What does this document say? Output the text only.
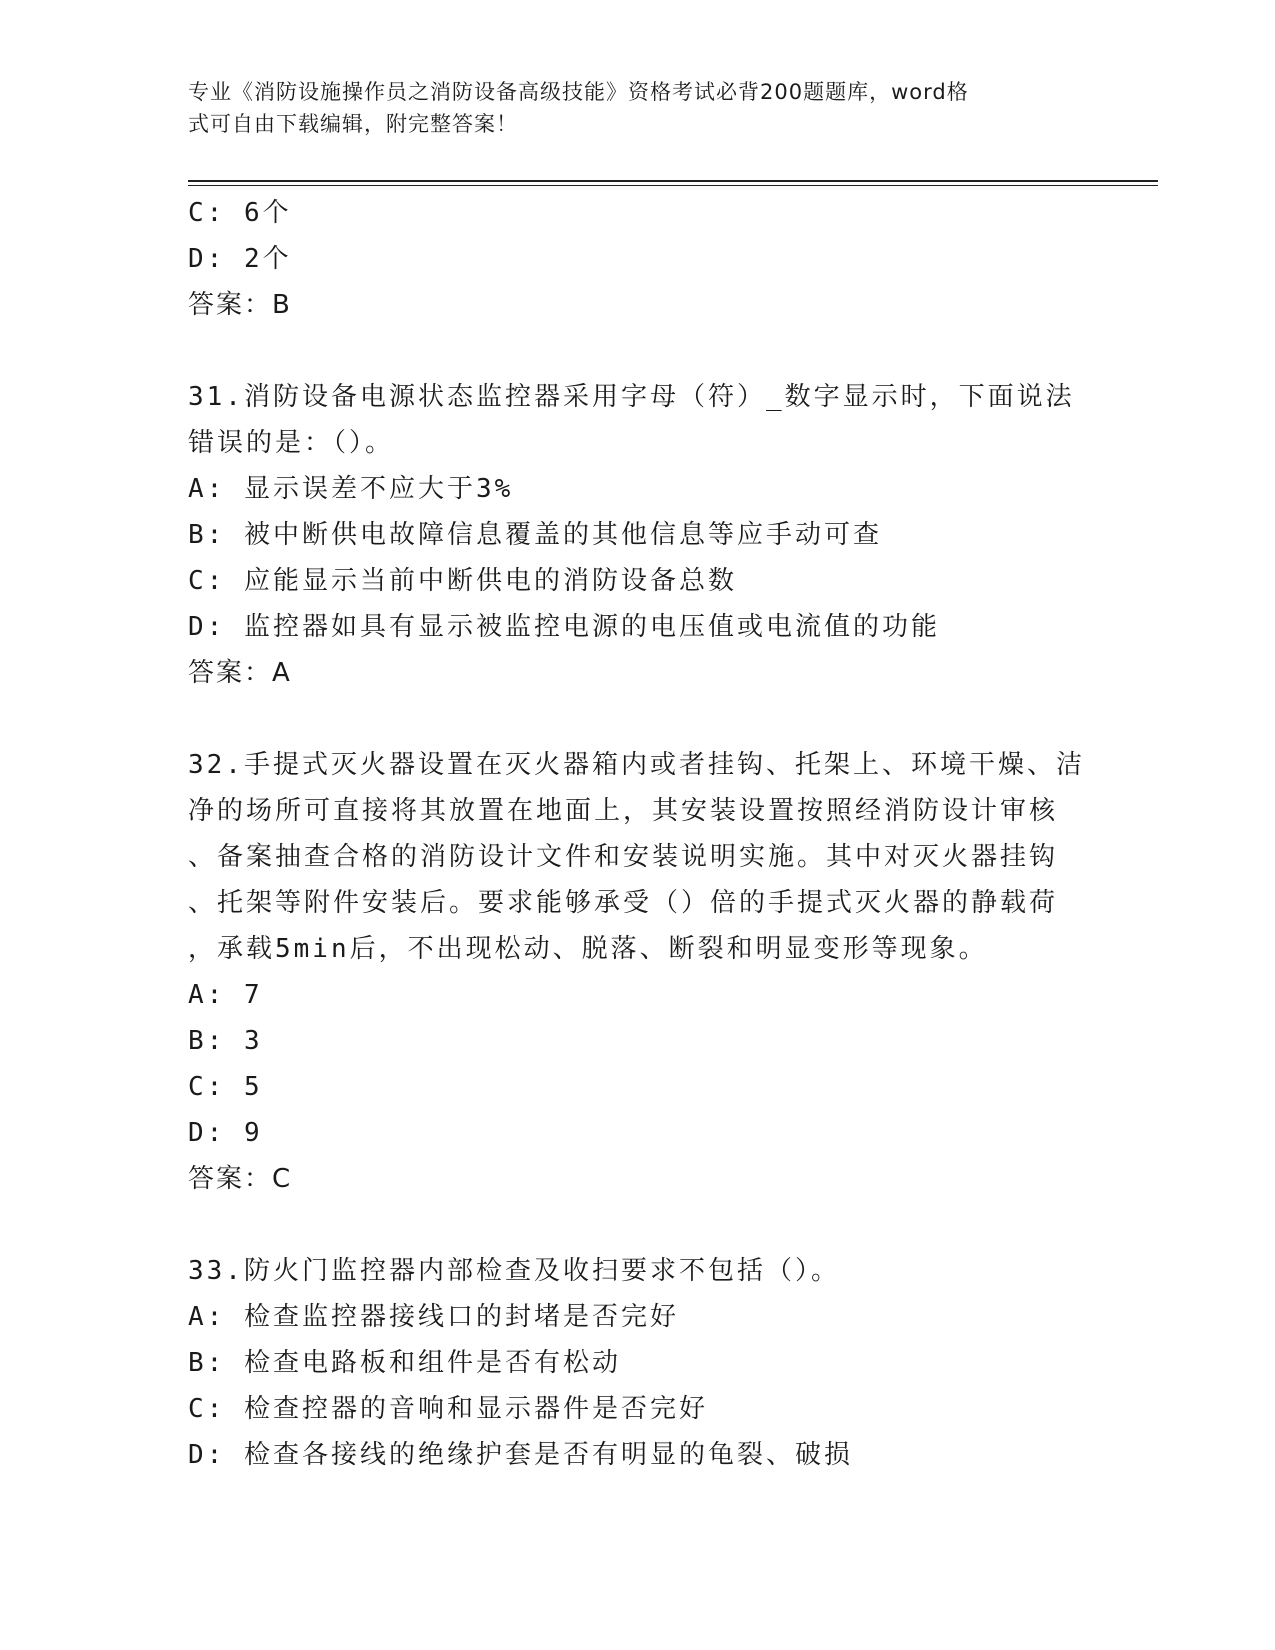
专业《消防设施操作员之消防设备高级技能》资格考试必背200题题库，word格
式可自由下载编辑，附完整答案！
C: 6个
D: 2个
答案：B
31.消防设备电源状态监控器采用字母（符）_数字显示时，下面说法
错误的是：（）。
A: 显示误差不应大于3%
B: 被中断供电故障信息覆盖的其他信息等应手动可查
C: 应能显示当前中断供电的消防设备总数
D: 监控器如具有显示被监控电源的电压值或电流值的功能
答案：A
32.手提式灭火器设置在灭火器箱内或者挂钩、托架上、环境干燥、洁
净的场所可直接将其放置在地面上，其安装设置按照经消防设计审核
、备案抽查合格的消防设计文件和安装说明实施。其中对灭火器挂钩
、托架等附件安装后。要求能够承受（）倍的手提式灭火器的静载荷
，承载5min后，不出现松动、脱落、断裂和明显变形等现象。
A: 7
B: 3
C: 5
D: 9
答案：C
33.防火门监控器内部检查及收扫要求不包括（）。
A: 检查监控器接线口的封堵是否完好
B: 检查电路板和组件是否有松动
C: 检查控器的音响和显示器件是否完好
D: 检查各接线的绝缘护套是否有明显的龟裂、破损
